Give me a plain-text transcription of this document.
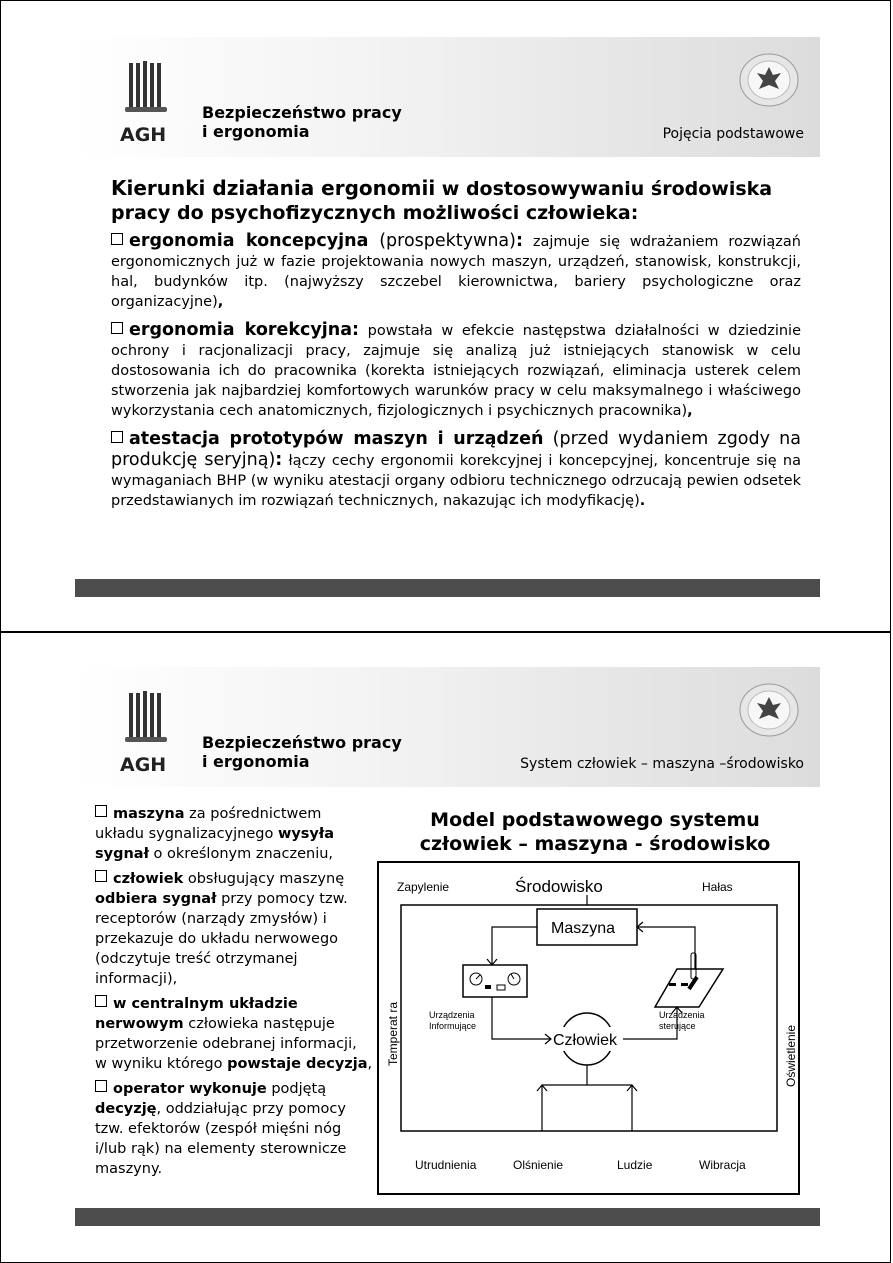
AGH
Bezpieczeństwo pracy
i ergonomia	Pojęcia podstawowe

Kierunki działania ergonomii w dostosowywaniu środowiska pracy do psychofizycznych możliwości człowieka:

ergonomia koncepcyjna (prospektywna): zajmuje się wdrażaniem rozwiązań ergonomicznych już w fazie projektowania nowych maszyn, urządzeń, stanowisk, konstrukcji, hal, budynków itp. (najwyższy szczebel kierownictwa, bariery psychologiczne oraz organizacyjne),

ergonomia korekcyjna: powstała w efekcie następstwa działalności w dziedzinie ochrony i racjonalizacji pracy, zajmuje się analizą już istniejących stanowisk w celu dostosowania ich do pracownika (korekta istniejących rozwiązań, eliminacja usterek celem stworzenia jak najbardziej komfortowych warunków pracy w celu maksymalnego i właściwego wykorzystania cech anatomicznych, fizjologicznych i psychicznych pracownika),

atestacja prototypów maszyn i urządzeń (przed wydaniem zgody na produkcję seryjną): łączy cechy ergonomii korekcyjnej i koncepcyjnej, koncentruje się na wymaganiach BHP (w wyniku atestacji organy odbioru technicznego odrzucają pewien odsetek przedstawianych im rozwiązań technicznych, nakazując ich modyfikację).

AGH
Bezpieczeństwo pracy
i ergonomia	System człowiek – maszyna –środowisko

maszyna za pośrednictwem układu sygnalizacyjnego wysyła sygnał o określonym znaczeniu,

człowiek obsługujący maszynę odbiera sygnał przy pomocy tzw. receptorów (narządy zmysłów) i przekazuje do układu nerwowego (odczytuje treść otrzymanej informacji),

w centralnym układzie nerwowym człowieka następuje przetworzenie odebranej informacji, w wyniku którego powstaje decyzja,

operator wykonuje podjętą decyzję, oddziałując przy pomocy tzw. efektorów (zespół mięśni nóg i/lub rąk) na elementy sterownicze maszyny.

Model podstawowego systemu
człowiek – maszyna - środowisko
Zapylenie	Środowisko	Hałas
Temperat ra	Oświetlenie
Maszyna
Urządzenia
Informujące
Urządzenia
sterujące
Człowiek
Utrudnienia	Olśnienie	Ludzie	Wibracja
